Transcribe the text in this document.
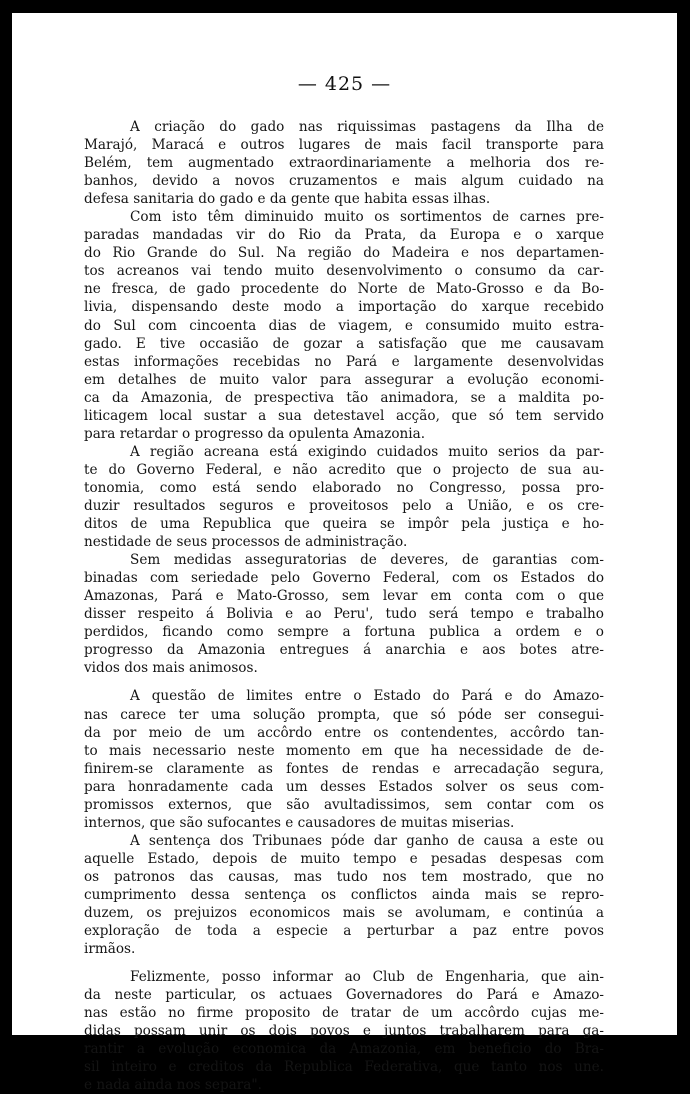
— 425 —
A criação do gado nas riquissimas pastagens da Ilha de
Marajó, Maracá e outros lugares de mais facil transporte para
Belém, tem augmentado extraordinariamente a melhoria dos re-
banhos, devido a novos cruzamentos e mais algum cuidado na
defesa sanitaria do gado e da gente que habita essas ilhas.
Com isto têm diminuido muito os sortimentos de carnes pre-
paradas mandadas vir do Rio da Prata, da Europa e o xarque
do Rio Grande do Sul. Na região do Madeira e nos departamen-
tos acreanos vai tendo muito desenvolvimento o consumo da car-
ne fresca, de gado procedente do Norte de Mato-Grosso e da Bo-
livia, dispensando deste modo a importação do xarque recebido
do Sul com cincoenta dias de viagem, e consumido muito estra-
gado. E tive occasião de gozar a satisfação que me causavam
estas informações recebidas no Pará e largamente desenvolvidas
em detalhes de muito valor para assegurar a evolução economi-
ca da Amazonia, de prespectiva tão animadora, se a maldita po-
liticagem local sustar a sua detestavel acção, que só tem servido
para retardar o progresso da opulenta Amazonia.
A região acreana está exigindo cuidados muito serios da par-
te do Governo Federal, e não acredito que o projecto de sua au-
tonomia, como está sendo elaborado no Congresso, possa pro-
duzir resultados seguros e proveitosos pelo a União, e os cre-
ditos de uma Republica que queira se impôr pela justiça e ho-
nestidade de seus processos de administração.
Sem medidas asseguratorias de deveres, de garantias com-
binadas com seriedade pelo Governo Federal, com os Estados do
Amazonas, Pará e Mato-Grosso, sem levar em conta com o que
disser respeito á Bolivia e ao Peru', tudo será tempo e trabalho
perdidos, ficando como sempre a fortuna publica a ordem e o
progresso da Amazonia entregues á anarchia e aos botes atre-
vidos dos mais animosos.
A questão de limites entre o Estado do Pará e do Amazo-
nas carece ter uma solução prompta, que só póde ser consegui-
da por meio de um accôrdo entre os contendentes, accôrdo tan-
to mais necessario neste momento em que ha necessidade de de-
finirem-se claramente as fontes de rendas e arrecadação segura,
para honradamente cada um desses Estados solver os seus com-
promissos externos, que são avultadissimos, sem contar com os
internos, que são sufocantes e causadores de muitas miserias.
A sentença dos Tribunaes póde dar ganho de causa a este ou
aquelle Estado, depois de muito tempo e pesadas despesas com
os patronos das causas, mas tudo nos tem mostrado, que no
cumprimento dessa sentença os conflictos ainda mais se repro-
duzem, os prejuizos economicos mais se avolumam, e continúa a
exploração de toda a especie a perturbar a paz entre povos
irmãos.
Felizmente, posso informar ao Club de Engenharia, que ain-
da neste particular, os actuaes Governadores do Pará e Amazo-
nas estão no firme proposito de tratar de um accôrdo cujas me-
didas possam unir os dois povos e juntos trabalharem para ga-
rantir a evolução economica da Amazonia, em beneficio do Bra-
sil inteiro e creditos da Republica Federativa, que tanto nos une.
e nada ainda nos separa".
